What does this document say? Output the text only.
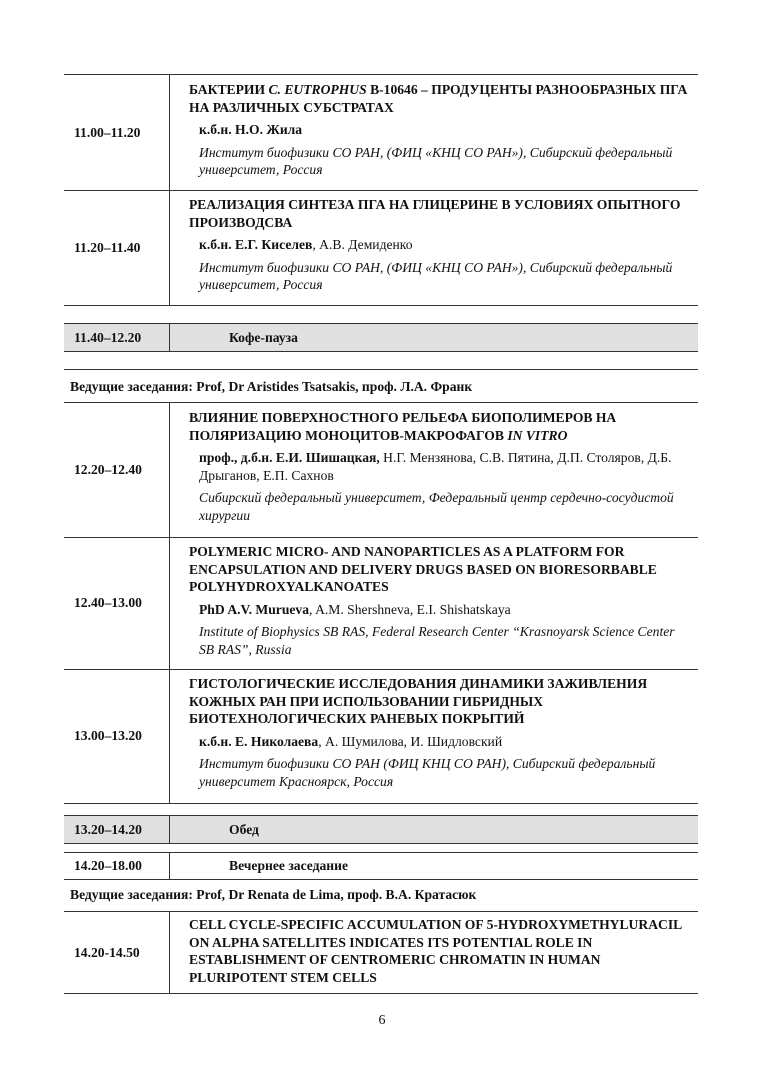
11.00–11.20
БАКТЕРИИ C. EUTROPHUS В-10646 – ПРОДУЦЕНТЫ РАЗНООБРАЗНЫХ ПГА НА РАЗЛИЧНЫХ СУБСТРАТАХ
к.б.н. Н.О. Жила
Институт биофизики СО РАН, (ФИЦ «КНЦ СО РАН»), Сибирский федеральный университет, Россия
11.20–11.40
РЕАЛИЗАЦИЯ СИНТЕЗА ПГА НА ГЛИЦЕРИНЕ В УСЛОВИЯХ ОПЫТНОГО ПРОИЗВОДСВА
к.б.н. Е.Г. Киселев, А.В. Демиденко
Институт биофизики СО РАН, (ФИЦ «КНЦ СО РАН»), Сибирский федеральный университет, Россия
11.40–12.20	Кофе-пауза
Ведущие заседания: Prof, Dr Aristides Tsatsakis, проф. Л.А. Франк
12.20–12.40
ВЛИЯНИЕ ПОВЕРХНОСТНОГО РЕЛЬЕФА БИОПОЛИМЕРОВ НА ПОЛЯРИЗАЦИЮ МОНОЦИТОВ-МАКРОФАГОВ IN VITRO
проф., д.б.н. Е.И. Шишацкая, Н.Г. Мензянова, С.В. Пятина, Д.П. Столяров, Д.Б. Дрыганов, Е.П. Сахнов
Сибирский федеральный университет, Федеральный центр сердечно-сосудистой хирургии
12.40–13.00
POLYMERIC MICRO- AND NANOPARTICLES AS A PLATFORM FOR ENCAPSULATION AND DELIVERY DRUGS BASED ON BIORESORBABLE POLYHYDROXYALKANOATES
PhD A.V. Murueva, A.M. Shershneva, E.I. Shishatskaya
Institute of Biophysics SB RAS, Federal Research Center “Krasnoyarsk Science Center SB RAS”, Russia
13.00–13.20
ГИСТОЛОГИЧЕСКИЕ ИССЛЕДОВАНИЯ ДИНАМИКИ ЗАЖИВЛЕНИЯ КОЖНЫХ РАН ПРИ ИСПОЛЬЗОВАНИИ ГИБРИДНЫХ БИОТЕХНОЛОГИЧЕСКИХ РАНЕВЫХ ПОКРЫТИЙ
к.б.н. Е. Николаева, А. Шумилова, И. Шидловский
Институт биофизики СО РАН (ФИЦ КНЦ СО РАН), Сибирский федеральный университет Красноярск, Россия
13.20–14.20	Обед
14.20–18.00	Вечернее заседание
Ведущие заседания: Prof, Dr Renata de Lima, проф. В.А. Кратасюк
14.20-14.50
CELL CYCLE-SPECIFIC ACCUMULATION OF 5-HYDROXYMETHYLURACIL ON ALPHA SATELLITES INDICATES ITS POTENTIAL ROLE IN ESTABLISHMENT OF CENTROMERIC CHROMATIN IN HUMAN PLURIPOTENT STEM CELLS
6
